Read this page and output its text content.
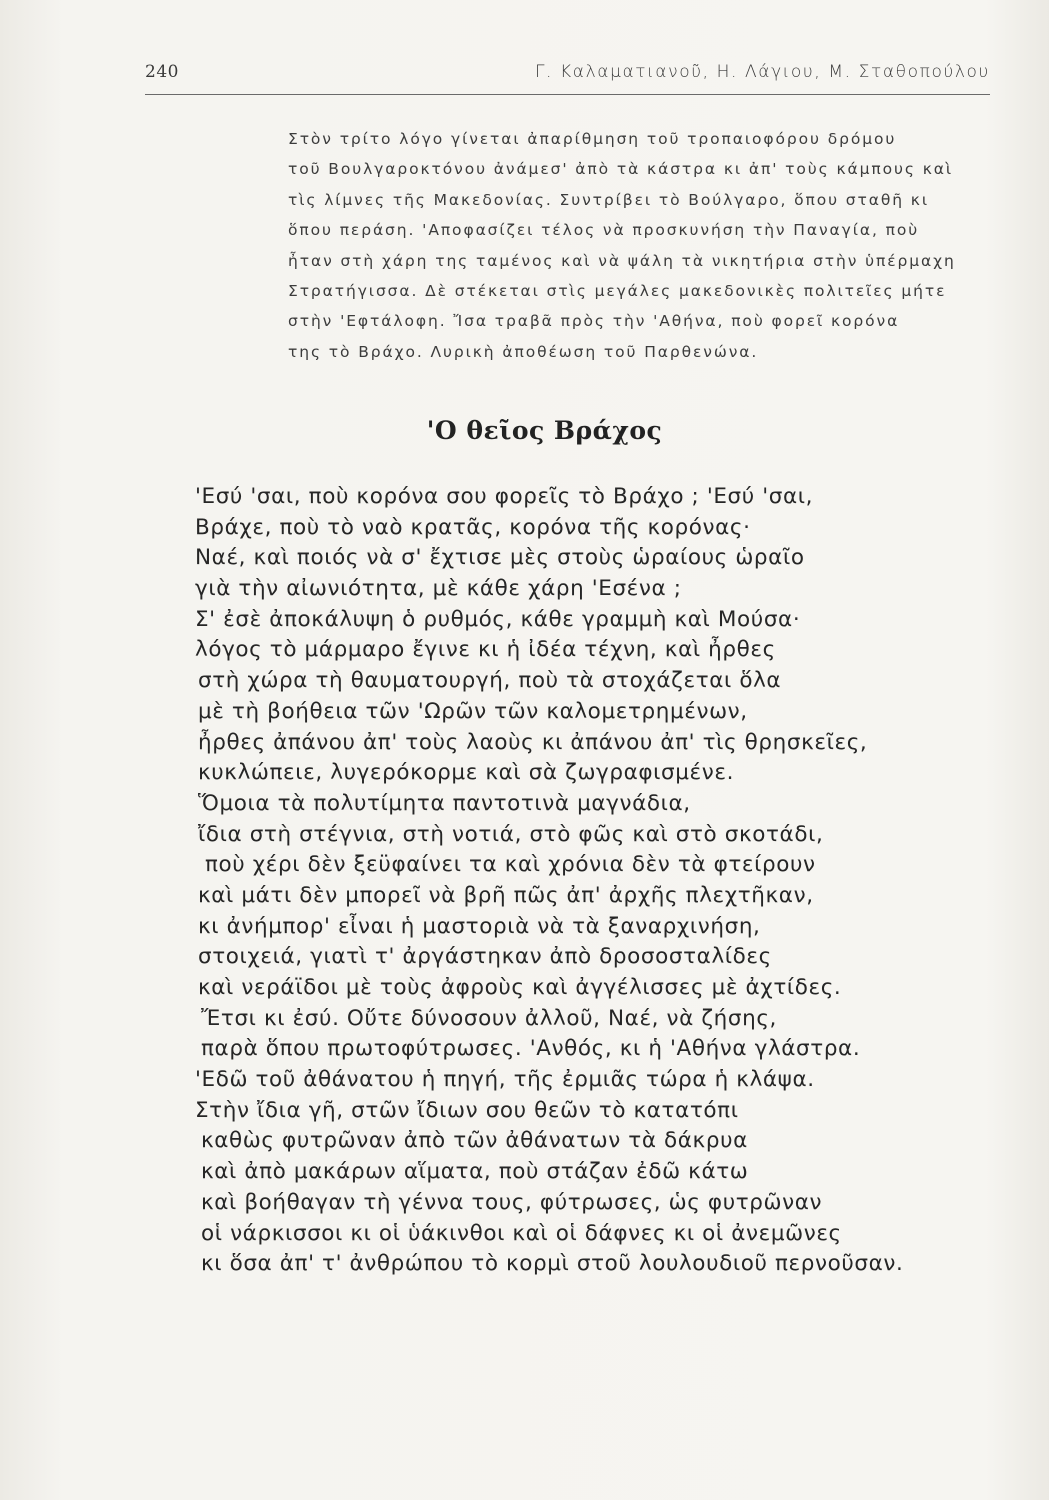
240	Γ. Καλαματιανοῦ, Η. Λάγιου, Μ. Σταθοπούλου
Στὸν τρίτο λόγο γίνεται ἀπαρίθμηση τοῦ τροπαιοφόρου δρόμου
τοῦ Βουλγαροκτόνου ἀνάμεσ' ἀπὸ τὰ κάστρα κι ἀπ' τοὺς κάμπους καὶ
τὶς λίμνες τῆς Μακεδονίας. Συντρίβει τὸ Βούλγαρο, ὅπου σταθῆ κι
ὅπου περάση. 'Αποφασίζει τέλος νὰ προσκυνήση τὴν Παναγία, ποὺ
ἦταν στὴ χάρη της ταμένος καὶ νὰ ψάλη τὰ νικητήρια στὴν ὑπέρμαχη
Στρατήγισσα. Δὲ στέκεται στὶς μεγάλες μακεδονικὲς πολιτεῖες μήτε
στὴν 'Εφτάλοφη. Ἴσα τραβᾶ πρὸς τὴν 'Αθήνα, ποὺ φορεῖ κορόνα
της τὸ Βράχο. Λυρικὴ ἀποθέωση τοῦ Παρθενώνα.
'Ο θεῖος Βράχος
'Εσύ 'σαι, ποὺ κορόνα σου φορεῖς τὸ Βράχο ; 'Εσύ 'σαι,
Βράχε, ποὺ τὸ ναὸ κρατᾶς, κορόνα τῆς κορόνας·
Ναέ, καὶ ποιός νὰ σ' ἔχτισε μὲς στοὺς ὡραίους ὡραῖο
γιὰ τὴν αἰωνιότητα, μὲ κάθε χάρη 'Εσένα ;
Σ' ἐσὲ ἀποκάλυψη ὁ ρυθμός, κάθε γραμμὴ καὶ Μούσα·
λόγος τὸ μάρμαρο ἔγινε κι ἡ ἰδέα τέχνη, καὶ ἦρθες
στὴ χώρα τὴ θαυματουργή, ποὺ τὰ στοχάζεται ὅλα
μὲ τὴ βοήθεια τῶν 'Ωρῶν τῶν καλομετρημένων,
ἦρθες ἀπάνου ἀπ' τοὺς λαοὺς κι ἀπάνου ἀπ' τὶς θρησκεῖες,
κυκλώπειε, λυγερόκορμε καὶ σὰ ζωγραφισμένε.
Ὅμοια τὰ πολυτίμητα παντοτινὰ μαγνάδια,
ἴδια στὴ στέγνια, στὴ νοτιά, στὸ φῶς καὶ στὸ σκοτάδι,
ποὺ χέρι δὲν ξεϋφαίνει τα καὶ χρόνια δὲν τὰ φτείρουν
καὶ μάτι δὲν μπορεῖ νὰ βρῆ πῶς ἀπ' ἀρχῆς πλεχτῆκαν,
κι ἀνήμπορ' εἶναι ἡ μαστοριὰ νὰ τὰ ξαναρχινήση,
στοιχειά, γιατὶ τ' ἀργάστηκαν ἀπὸ δροσοσταλίδες
καὶ νεράϊδοι μὲ τοὺς ἀφροὺς καὶ ἀγγέλισσες μὲ ἀχτίδες.
Ἔτσι κι ἐσύ. Οὔτε δύνοσουν ἀλλοῦ, Ναέ, νὰ ζήσης,
παρὰ ὅπου πρωτοφύτρωσες. 'Ανθός, κι ἡ 'Αθήνα γλάστρα.
'Εδῶ τοῦ ἀθάνατου ἡ πηγή, τῆς ἐρμιᾶς τώρα ἡ κλάψα.
Στὴν ἴδια γῆ, στῶν ἴδιων σου θεῶν τὸ κατατόπι
καθὼς φυτρῶναν ἀπὸ τῶν ἀθάνατων τὰ δάκρυα
καὶ ἀπὸ μακάρων αἵματα, ποὺ στάζαν ἐδῶ κάτω
καὶ βοήθαγαν τὴ γέννα τους, φύτρωσες, ὡς φυτρῶναν
οἱ νάρκισσοι κι οἱ ὑάκινθοι καὶ οἱ δάφνες κι οἱ ἀνεμῶνες
κι ὅσα ἀπ' τ' ἀνθρώπου τὸ κορμὶ στοῦ λουλουδιοῦ περνοῦσαν.
